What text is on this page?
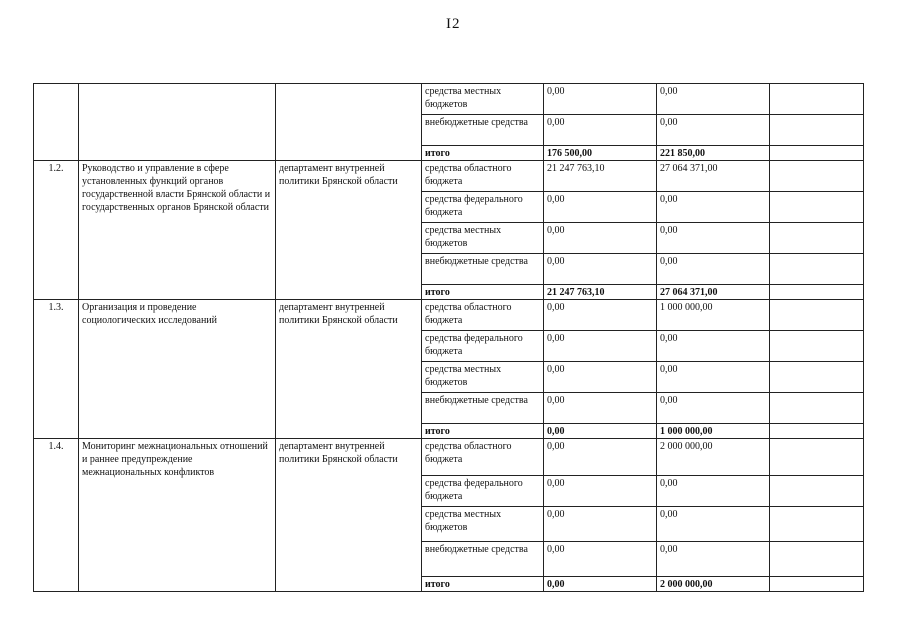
I2
			средства местных бюджетов	0,00	0,00	
			внебюджетные средства	0,00	0,00	
			итого	176 500,00	221 850,00	
1.2.	Руководство и управление в сфере установленных функций органов государственной власти Брянской области и государственных органов Брянской области	департамент внутренней политики Брянской области	средства областного бюджета	21 247 763,10	27 064 371,00	
			средства федерального бюджета	0,00	0,00	
			средства местных бюджетов	0,00	0,00	
			внебюджетные средства	0,00	0,00	
			итого	21 247 763,10	27 064 371,00	
1.3.	Организация и проведение социологических исследований	департамент внутренней политики Брянской области	средства областного бюджета	0,00	1 000 000,00	
			средства федерального бюджета	0,00	0,00	
			средства местных бюджетов	0,00	0,00	
			внебюджетные средства	0,00	0,00	
			итого	0,00	1 000 000,00	
1.4.	Мониторинг межнациональных отношений и раннее предупреждение межнациональных конфликтов	департамент внутренней политики Брянской области	средства областного бюджета	0,00	2 000 000,00	
			средства федерального бюджета	0,00	0,00	
			средства местных бюджетов	0,00	0,00	
			внебюджетные средства	0,00	0,00	
			итого	0,00	2 000 000,00	
